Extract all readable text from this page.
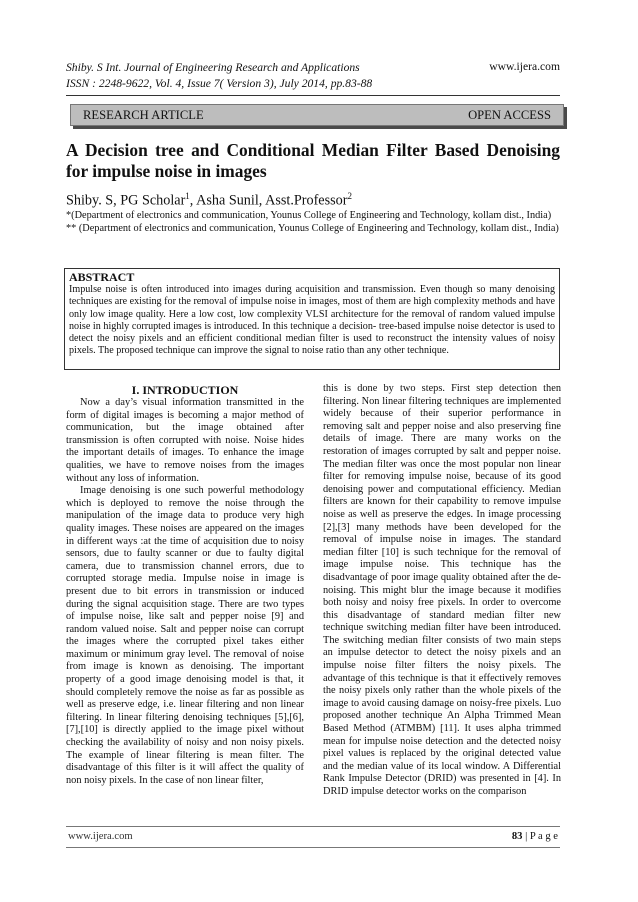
Shiby. S Int. Journal of Engineering Research and Applications
ISSN : 2248-9622, Vol. 4, Issue 7( Version 3), July 2014, pp.83-88
www.ijera.com
RESEARCH ARTICLE	OPEN ACCESS
A Decision tree and Conditional Median Filter Based Denoising for impulse noise in images
Shiby. S, PG Scholar$^1$, Asha Sunil, Asst.Professor$^2$

*(Department of electronics and communication, Younus College of Engineering and Technology, kollam dist., India)

** (Department of electronics and communication, Younus College of Engineering and Technology, kollam dist., India)

ABSTRACT

Impulse noise is often introduced into images during acquisition and transmission. Even though so many denoising techniques are existing for the removal of impulse noise in images, most of them are high complexity methods and have only low image quality. Here a low cost, low complexity VLSI architecture for the removal of random valued impulse noise in highly corrupted images is introduced. In this technique a decision- tree-based impulse noise detector is used to detect the noisy pixels and an efficient conditional median filter is used to reconstruct the intensity values of noisy pixels. The proposed technique can improve the signal to noise ratio than any other technique.

I. INTRODUCTION

Now a day’s visual information transmitted in the form of digital images is becoming a major method of communication, but the image obtained after transmission is often corrupted with noise. Noise hides the important details of images. To enhance the image qualities, we have to remove noises from the images without any loss of information.

Image denoising is one such powerful methodology which is deployed to remove the noise through the manipulation of the image data to produce very high quality images. These noises are appeared on the images in different ways :at the time of acquisition due to noisy sensors, due to faulty scanner or due to faulty digital camera, due to transmission channel errors, due to corrupted storage media. Impulse noise in image is present due to bit errors in transmission or induced during the signal acquisition stage. There are two types of impulse noise, like salt and pepper noise [9] and random valued noise. Salt and pepper noise can corrupt the images where the corrupted pixel takes either maximum or minimum gray level. The removal of noise from image is known as denoising. The important property of a good image denoising model is that, it should completely remove the noise as far as possible as well as preserve edge, i.e. linear filtering and non linear filtering. In linear filtering denoising techniques [5],[6],[7],[10] is directly applied to the image pixel without checking the availability of noisy and non noisy pixels. The example of linear filtering is mean filter. The disadvantage of this filter is it will affect the quality of non noisy pixels. In the case of non linear filter,

this is done by two steps. First step detection then filtering. Non linear filtering techniques are implemented widely because of their superior performance in removing salt and pepper noise and also preserving fine details of image. There are many works on the restoration of images corrupted by salt and pepper noise. The median filter was once the most popular non linear filter for removing impulse noise, because of its good denoising power and computational efficiency. Median filters are known for their capability to remove impulse noise as well as preserve the edges. In image processing [2],[3] many methods have been developed for the removal of impulse noise in images. The standard median filter [10] is such technique for the removal of image impulse noise. This technique has the disadvantage of poor image quality obtained after the de-noising. This might blur the image because it modifies both noisy and noisy free pixels. In order to overcome this disadvantage of standard median filter new technique switching median filter have been introduced. The switching median filter consists of two main steps an impulse detector to detect the noisy pixels and an impulse noise filter filters the noisy pixels. The advantage of this technique is that it effectively removes the noisy pixels only rather than the whole pixels of the image to avoid causing damage on noisy-free pixels. Luo proposed another technique An Alpha Trimmed Mean Based Method (ATMBM) [11]. It uses alpha trimmed mean for impulse noise detection and the detected noisy pixel values is replaced by the original detected value and the median value of its local window. A Differential Rank Impulse Detector (DRID) was presented in [4]. In DRID impulse detector works on the comparison

www.ijera.com	83 | P a g e
